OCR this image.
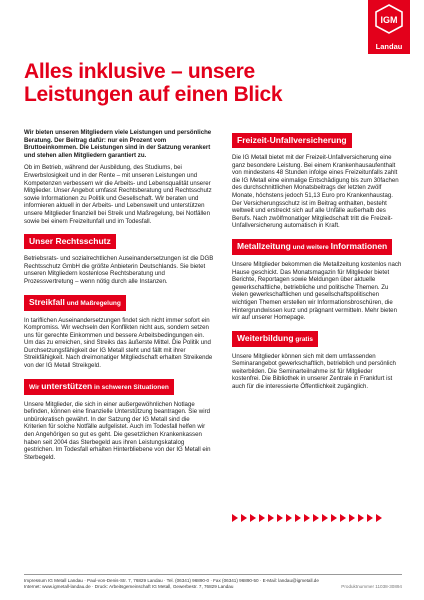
IGM
Landau
Alles inklusive – unsere
Leistungen auf einen Blick

Wir bieten unseren Mitgliedern viele Leistungen und persönliche Beratung. Der Beitrag dafür: nur ein Prozent vom Bruttoeinkommen. Die Leistungen sind in der Satzung verankert und stehen allen Mitgliedern garantiert zu.

Ob im Betrieb, während der Ausbildung, des Studiums, bei Erwerbslosigkeit und in der Rente – mit unseren Leistungen und Kompetenzen verbessern wir die Arbeits- und Lebensqualität unserer Mitglieder. Unser Angebot umfasst Rechtsberatung und Rechtsschutz sowie Informationen zu Politik und Gesellschaft. Wir beraten und informieren aktuell in der Arbeits- und Lebenswelt und unterstützen unsere Mitglieder finanziell bei Streik und Maßregelung, bei Notfällen sowie bei einem Freizeitunfall und im Todesfall.

Unser Rechtsschutz

Betriebsrats- und sozialrechtlichen Auseinandersetzungen ist die DGB Rechtsschutz GmbH die größte Anbieterin Deutschlands. Sie bietet unseren Mitgliedern kostenlose Rechtsberatung und Prozessvertretung – wenn nötig durch alle Instanzen.

Streikfall und Maßregelung

In tariflichen Auseinandersetzungen findet sich nicht immer sofort ein Kompromiss. Wir wechseln den Konflikten nicht aus, sondern setzen uns für gerechte Einkommen und bessere Arbeitsbedingungen ein. Um das zu erreichen, sind Streiks das äußerste Mittel. Die Politik und Durchsetzungsfähigkeit der IG Metall steht und fällt mit ihrer Streikfähigkeit. Nach dreimonatiger Mitgliedschaft erhalten Streikende von der IG Metall Streikgeld.

Wir unterstützen in schweren Situationen

Unsere Mitglieder, die sich in einer außergewöhnlichen Notlage befinden, können eine finanzielle Unterstützung beantragen. Sie wird unbürokratisch gewährt. In der Satzung der IG Metall sind die Kriterien für solche Notfälle aufgelistet. Auch im Todesfall helfen wir den Angehörigen so gut es geht. Die gesetzlichen Krankenkassen haben seit 2004 das Sterbegeld aus ihren Leistungskatalog gestrichen. Im Todesfall erhalten Hinterbliebene von der IG Metall ein Sterbegeld.

Freizeit-Unfallversicherung

Die IG Metall bietet mit der Freizeit-Unfallversicherung eine ganz besondere Leistung. Bei einem Krankenhausaufenthalt von mindestens 48 Stunden infolge eines Freizeitunfalls zahlt die IG Metall eine einmalige Entschädigung bis zum 30fachen des durchschnittlichen Monatsbeitrags der letzten zwölf Monate, höchstens jedoch 51,13 Euro pro Krankenhaustag. Der Versicherungsschutz ist im Beitrag enthalten, besteht weltweit und erstreckt sich auf alle Unfälle außerhalb des Berufs. Nach zwölfmonatiger Mitgliedschaft tritt die Freizeit-Unfallversicherung automatisch in Kraft.

Metallzeitung und weitere Informationen

Unsere Mitglieder bekommen die Metallzeitung kostenlos nach Hause geschickt. Das Monatsmagazin für Mitglieder bietet Berichte, Reportagen sowie Meldungen über aktuelle gewerkschaftliche, betriebliche und politische Themen. Zu vielen gewerkschaftlichen und gesellschaftspolitischen wichtigen Themen erstellen wir Informationsbroschüren, die Hintergrundwissen kurz und prägnant vermitteln. Mehr bieten wir auf unserer Homepage.

Weiterbildung gratis

Unsere Mitglieder können sich mit dem umfassenden Seminarangebot gewerkschaftlich, betrieblich und persönlich weiterbilden. Die Seminarteilnahme ist für Mitglieder kostenfrei. Die Bibliothek in unserer Zentrale in Frankfurt ist auch für die interessierte Öffentlichkeit zugänglich.

Impressum IG Metall Landau · Paul-von-Denis-Str. 7, 76829 Landau · Tel. (06341) 96890-0 · Fax (06341) 96890-50 · E-Mail: landau@igmetall.de
Internet: www.igmetall-landau.de · Druck: Arbeitsgemeinschaft IG Metall, Gewerbestr. 7, 76829 Landau	Produktnummer 11038-30894
